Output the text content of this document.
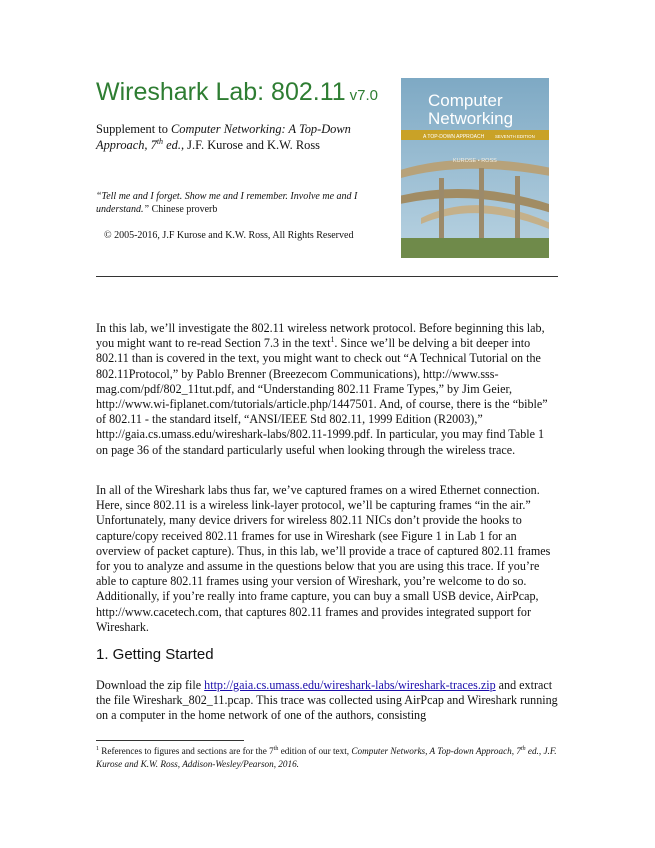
Wireshark Lab: 802.11 v7.0
Supplement to Computer Networking: A Top-Down Approach, 7th ed., J.F. Kurose and K.W. Ross
“Tell me and I forget. Show me and I remember. Involve me and I understand.” Chinese proverb
© 2005-2016, J.F Kurose and K.W. Ross, All Rights Reserved
Computer
Networking
A TOP-DOWN APPROACH SEVENTH EDITION
KUROSE • ROSS
In this lab, we’ll investigate the 802.11 wireless network protocol. Before beginning this lab, you might want to re-read Section 7.3 in the text$^1$. Since we’ll be delving a bit deeper into 802.11 than is covered in the text, you might want to check out “A Technical Tutorial on the 802.11Protocol,” by Pablo Brenner (Breezecom Communications), http://www.sss-mag.com/pdf/802_11tut.pdf, and “Understanding 802.11 Frame Types,” by Jim Geier, http://www.wi-fiplanet.com/tutorials/article.php/1447501. And, of course, there is the “bible” of 802.11 - the standard itself, “ANSI/IEEE Std 802.11, 1999 Edition (R2003),” http://gaia.cs.umass.edu/wireshark-labs/802.11-1999.pdf. In particular, you may find Table 1 on page 36 of the standard particularly useful when looking through the wireless trace.
In all of the Wireshark labs thus far, we’ve captured frames on a wired Ethernet connection. Here, since 802.11 is a wireless link-layer protocol, we’ll be capturing frames “in the air.” Unfortunately, many device drivers for wireless 802.11 NICs don’t provide the hooks to capture/copy received 802.11 frames for use in Wireshark (see Figure 1 in Lab 1 for an overview of packet capture). Thus, in this lab, we’ll provide a trace of captured 802.11 frames for you to analyze and assume in the questions below that you are using this trace. If you’re able to capture 802.11 frames using your version of Wireshark, you’re welcome to do so. Additionally, if you’re really into frame capture, you can buy a small USB device, AirPcap, http://www.cacetech.com, that captures 802.11 frames and provides integrated support for Wireshark.
1. Getting Started
Download the zip file http://gaia.cs.umass.edu/wireshark-labs/wireshark-traces.zip and extract the file Wireshark_802_11.pcap. This trace was collected using AirPcap and Wireshark running on a computer in the home network of one of the authors, consisting
$^1$ References to figures and sections are for the 7th edition of our text, Computer Networks, A Top-down Approach, 7th ed., J.F. Kurose and K.W. Ross, Addison-Wesley/Pearson, 2016.
